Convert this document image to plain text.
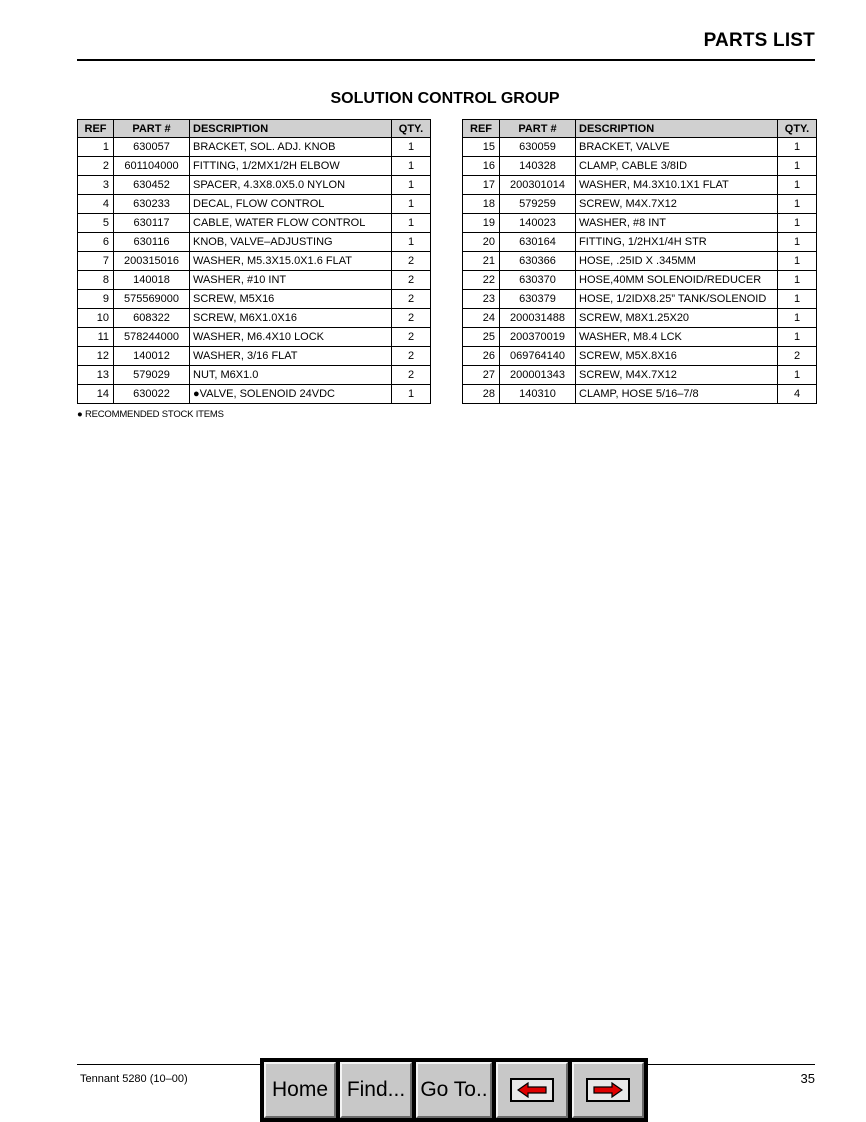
PARTS LIST
SOLUTION CONTROL GROUP
REF	PART #	DESCRIPTION	QTY.
1	630057	BRACKET, SOL. ADJ. KNOB	1
2	601104000	FITTING, 1/2MX1/2H ELBOW	1
3	630452	SPACER, 4.3X8.0X5.0 NYLON	1
4	630233	DECAL, FLOW CONTROL	1
5	630117	CABLE, WATER FLOW CONTROL	1
6	630116	KNOB, VALVE–ADJUSTING	1
7	200315016	WASHER, M5.3X15.0X1.6 FLAT	2
8	140018	WASHER, #10 INT	2
9	575569000	SCREW, M5X16	2
10	608322	SCREW, M6X1.0X16	2
11	578244000	WASHER, M6.4X10 LOCK	2
12	140012	WASHER, 3/16 FLAT	2
13	579029	NUT, M6X1.0	2
14	630022	●VALVE, SOLENOID 24VDC	1
REF	PART #	DESCRIPTION	QTY.
15	630059	BRACKET, VALVE	1
16	140328	CLAMP, CABLE 3/8ID	1
17	200301014	WASHER, M4.3X10.1X1 FLAT	1
18	579259	SCREW, M4X.7X12	1
19	140023	WASHER, #8 INT	1
20	630164	FITTING, 1/2HX1/4H STR	1
21	630366	HOSE, .25ID X .345MM	1
22	630370	HOSE,40MM SOLENOID/REDUCER	1
23	630379	HOSE, 1/2IDX8.25” TANK/SOLENOID	1
24	200031488	SCREW, M8X1.25X20	1
25	200370019	WASHER, M8.4 LCK	1
26	069764140	SCREW, M5X.8X16	2
27	200001343	SCREW, M4X.7X12	1
28	140310	CLAMP, HOSE 5/16–7/8	4
● RECOMMENDED STOCK ITEMS
Tennant 5280 (10–00)	35
Home Find... Go To..
